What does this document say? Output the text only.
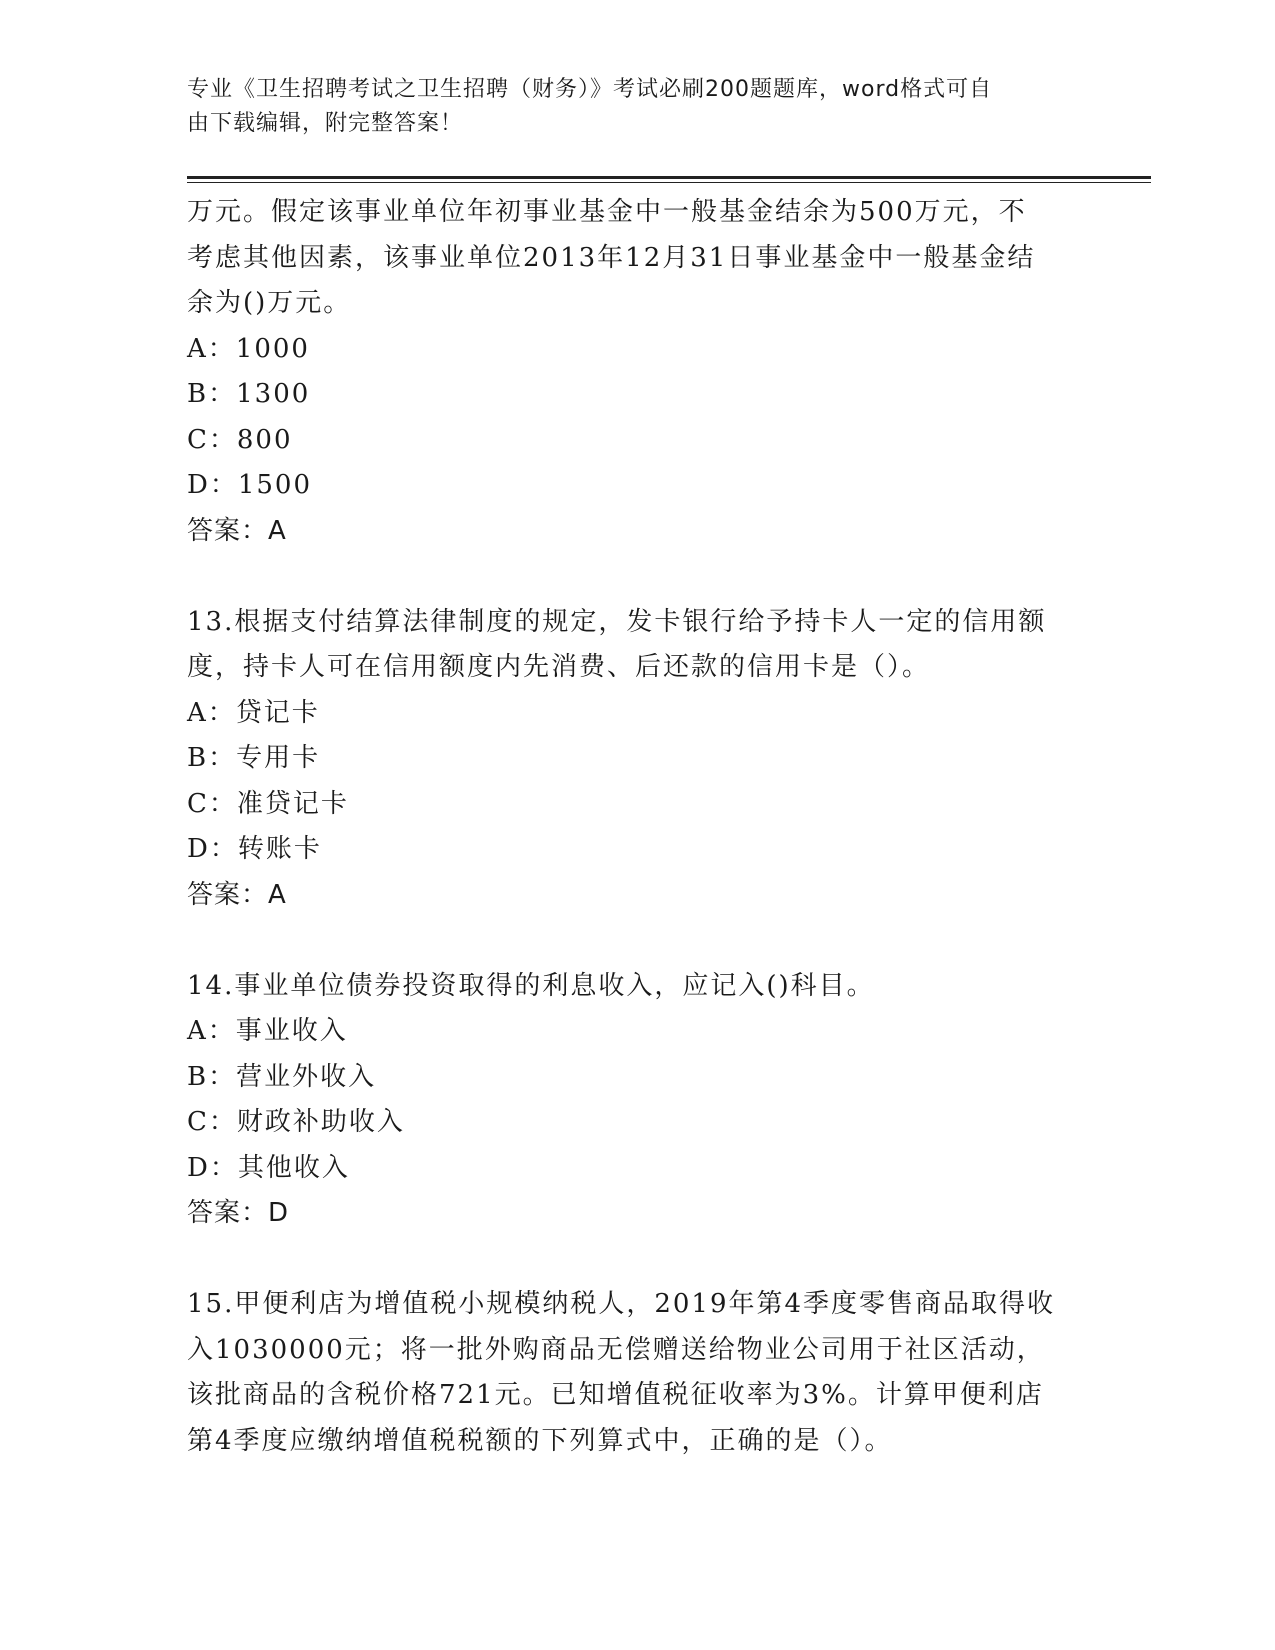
专业《卫生招聘考试之卫生招聘（财务）》考试必刷200题题库，word格式可自
由下载编辑，附完整答案！
万元。假定该事业单位年初事业基金中一般基金结余为500万元，不
考虑其他因素，该事业单位2013年12月31日事业基金中一般基金结
余为()万元。
A：1000
B：1300
C：800
D：1500
答案：A
13.根据支付结算法律制度的规定，发卡银行给予持卡人一定的信用额
度，持卡人可在信用额度内先消费、后还款的信用卡是（）。
A：贷记卡
B：专用卡
C：准贷记卡
D：转账卡
答案：A
14.事业单位债券投资取得的利息收入，应记入()科目。
A：事业收入
B：营业外收入
C：财政补助收入
D：其他收入
答案：D
15.甲便利店为增值税小规模纳税人，2019年第4季度零售商品取得收
入1030000元；将一批外购商品无偿赠送给物业公司用于社区活动，
该批商品的含税价格721元。已知增值税征收率为3%。计算甲便利店
第4季度应缴纳增值税税额的下列算式中，正确的是（）。
